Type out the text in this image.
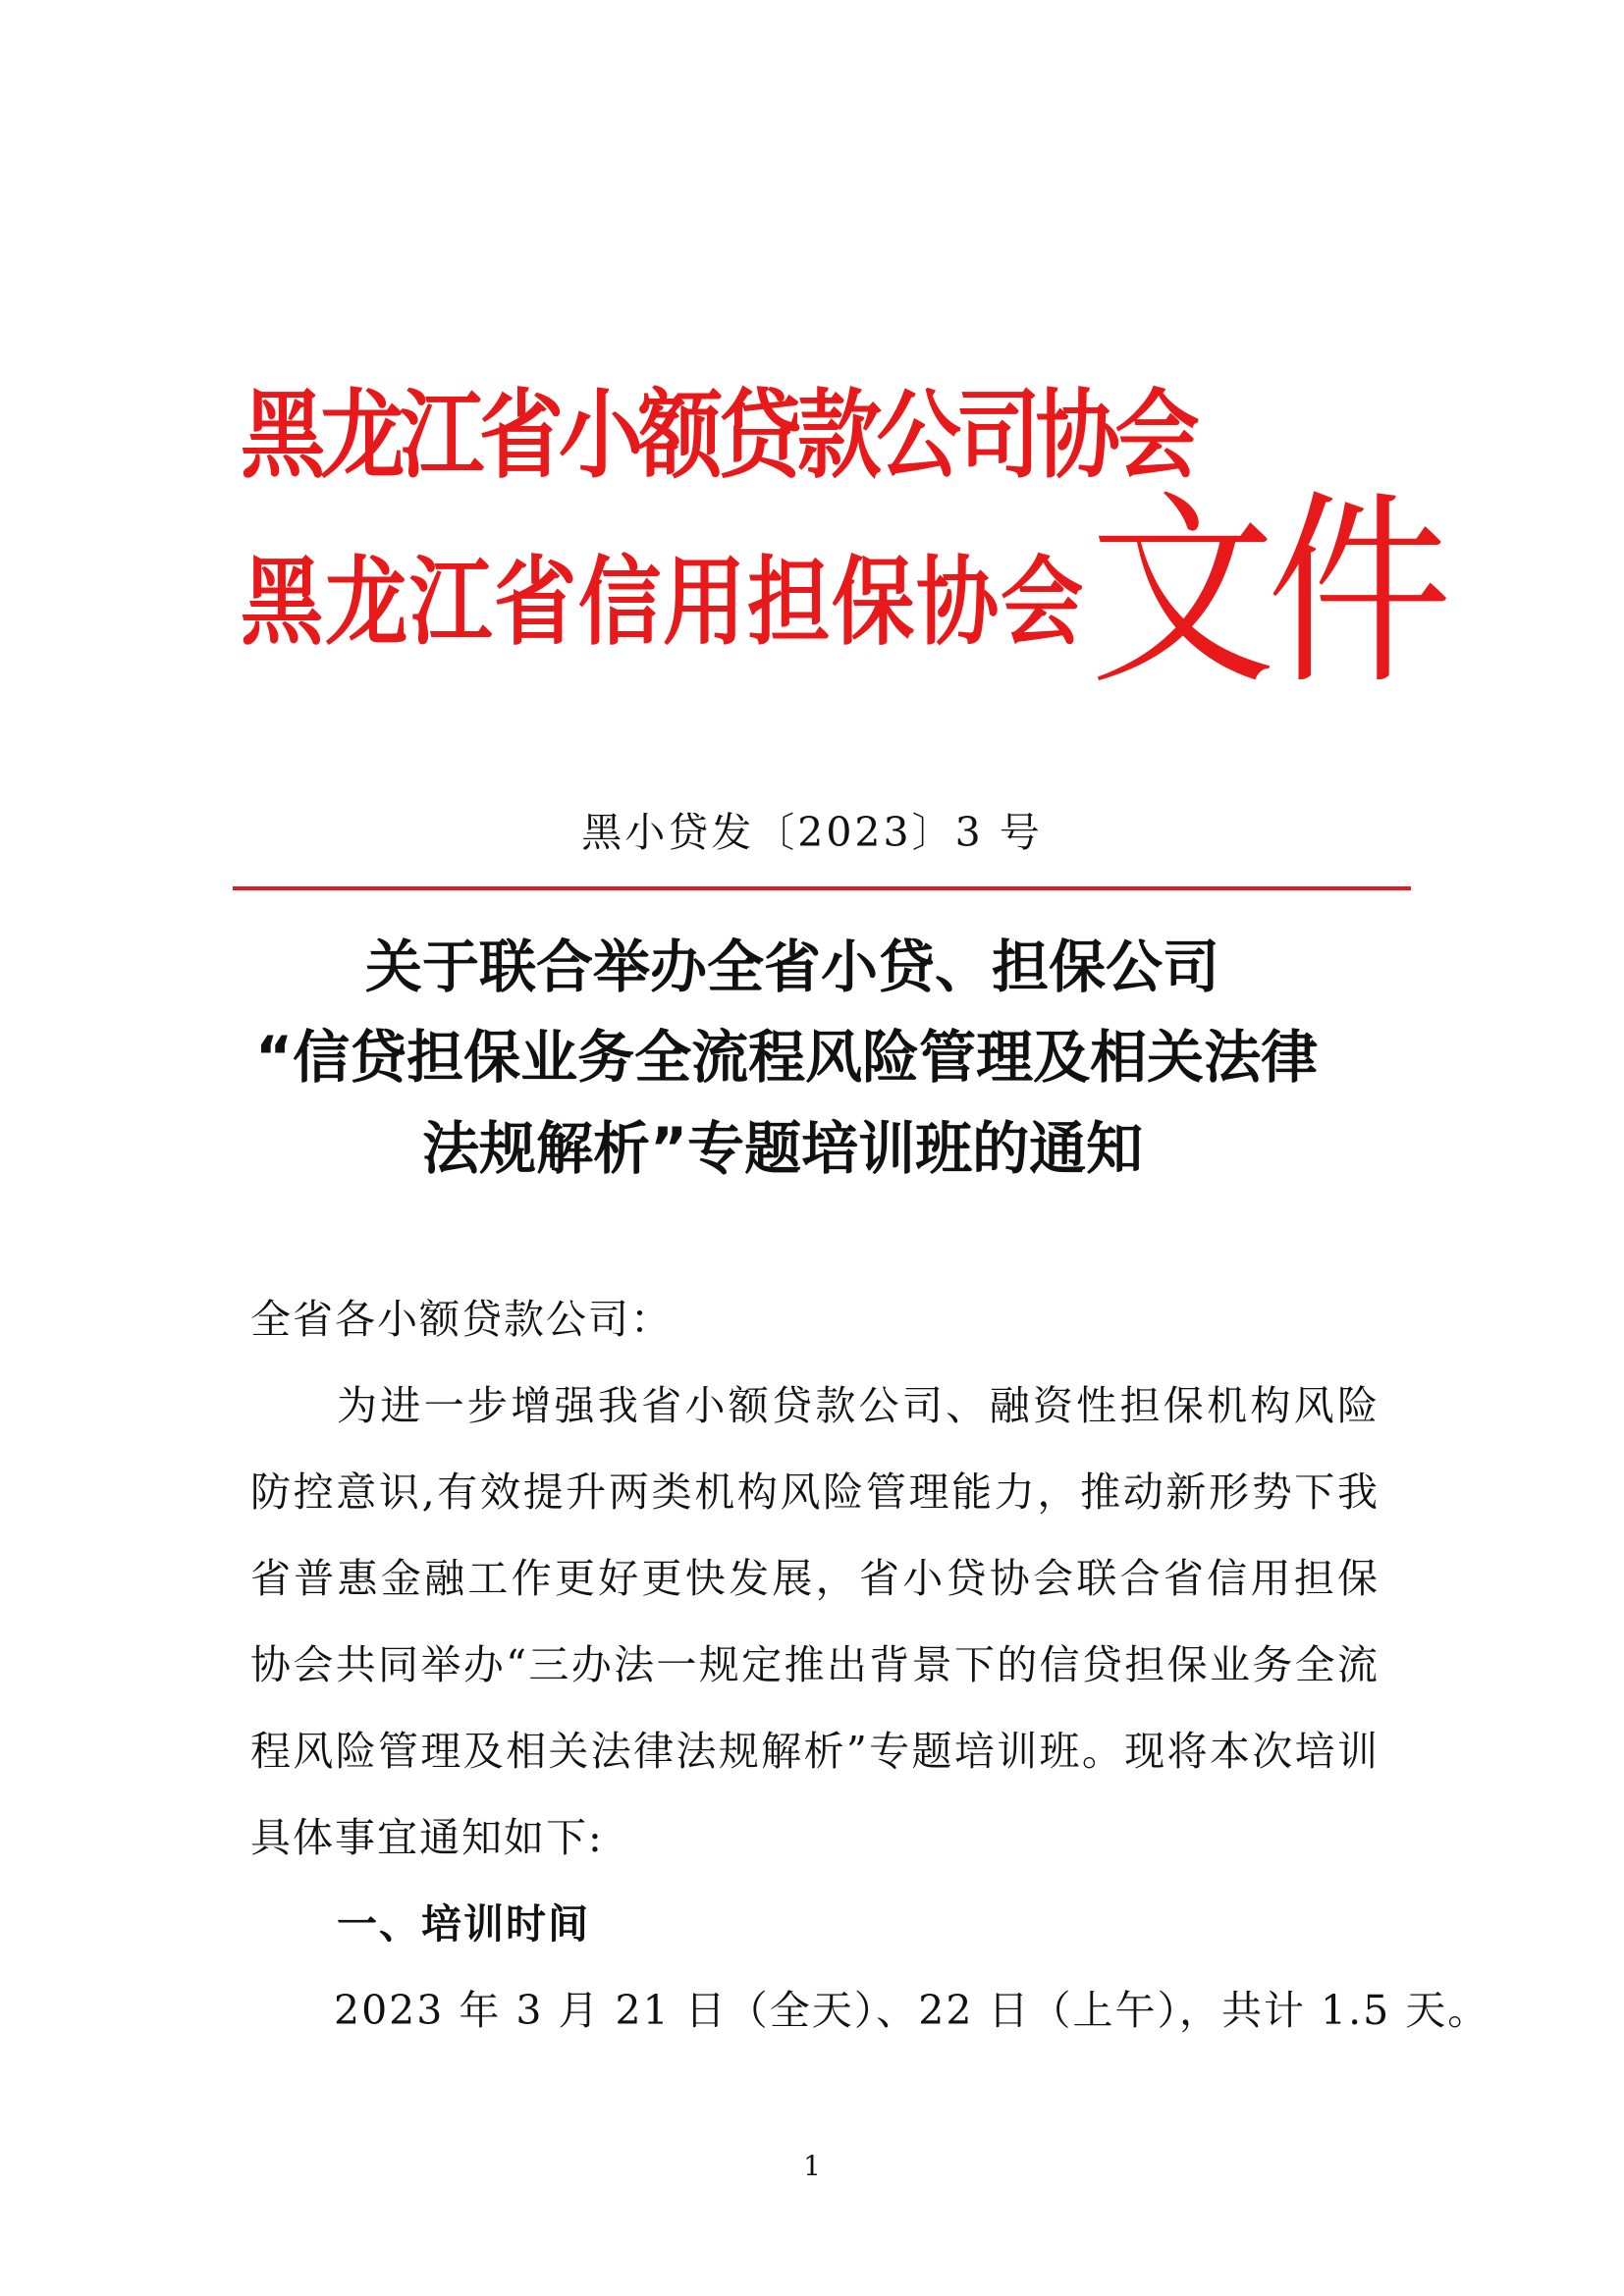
黑龙江省小额贷款公司协会
黑龙江省信用担保协会 文件
黑小贷发〔2023〕3 号
关于联合举办全省小贷、担保公司
“信贷担保业务全流程风险管理及相关法律
法规解析”专题培训班的通知

全省各小额贷款公司：

为进一步增强我省小额贷款公司、融资性担保机构风险防控意识,有效提升两类机构风险管理能力，推动新形势下我省普惠金融工作更好更快发展，省小贷协会联合省信用担保协会共同举办“三办法一规定推出背景下的信贷担保业务全流程风险管理及相关法律法规解析”专题培训班。现将本次培训具体事宜通知如下:

一、培训时间

2023 年 3 月 21 日（全天）、22 日（上午），共计 1.5 天。

1
